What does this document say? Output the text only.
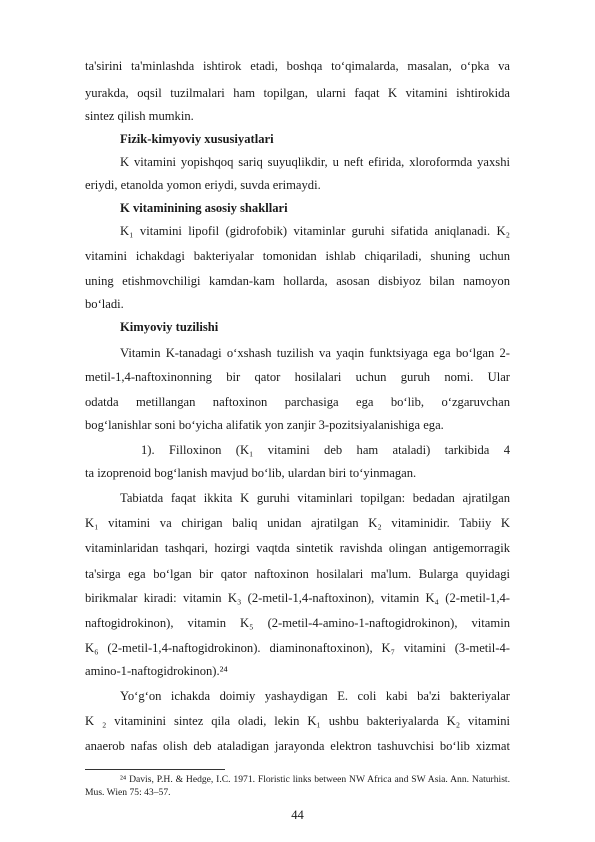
ta'sirini ta'minlashda ishtirok etadi, boshqa to‘qimalarda, masalan, o‘pka va
yurakda, oqsil tuzilmalari ham topilgan, ularni faqat K vitamini ishtirokida
sintez qilish mumkin.
Fizik-kimyoviy xususiyatlari
K vitamini yopishqoq sariq suyuqlikdir, u neft efirida, xloroformda yaxshi
eriydi, etanolda yomon eriydi, suvda erimaydi.
K vitaminining asosiy shakllari
K₁ vitamini lipofil (gidrofobik) vitaminlar guruhi sifatida aniqlanadi. K₂
vitamini ichakdagi bakteriyalar tomonidan ishlab chiqariladi, shuning uchun
uning etishmovchiligi kamdan-kam hollarda, asosan disbiyoz bilan namoyon
bo‘ladi.
Kimyoviy tuzilishi
Vitamin K-tanadagi o‘xshash tuzilish va yaqin funktsiyaga ega bo‘lgan 2-
metil-1,4-naftoxinonning bir qator hosilalari uchun guruh nomi. Ular
odatda metillangan naftoxinon parchasiga ega bo‘lib, o‘zgaruvchan
bog‘lanishlar soni bo‘yicha alifatik yon zanjir 3-pozitsiyalanishiga ega.
1). Filloxinon (K₁ vitamini deb ham ataladi) tarkibida 4
ta izoprenoid bog‘lanish mavjud bo‘lib, ulardan biri to‘yinmagan.
Tabiatda faqat ikkita K guruhi vitaminlari topilgan: bedadan ajratilgan
K₁ vitamini va chirigan baliq unidan ajratilgan K₂ vitaminidir. Tabiiy K
vitaminlaridan tashqari, hozirgi vaqtda sintetik ravishda olingan antigemorragik
ta'sirga ega bo‘lgan bir qator naftoxinon hosilalari ma'lum. Bularga quyidagi
birikmalar kiradi: vitamin K₃ (2-metil-1,4-naftoxinon), vitamin K₄ (2-metil-1,4-
naftogidrokinon), vitamin K₅ (2-metil-4-amino-1-naftogidrokinon), vitamin
K₆ (2-metil-1,4-naftogidrokinon). diaminonaftoxinon), K₇ vitamini (3-metil-4-
amino-1-naftogidrokinon).²⁴
Yo‘g‘on ichakda doimiy yashaydigan E. coli kabi ba'zi bakteriyalar
K ₂ vitaminini sintez qila oladi, lekin K₁ ushbu bakteriyalarda K₂ vitamini
anaerob nafas olish deb ataladigan jarayonda elektron tashuvchisi bo‘lib xizmat
²⁴ Davis, P.H. & Hedge, I.C. 1971. Floristic links between NW Africa and SW Asia. Ann. Naturhist.
Mus. Wien 75: 43–57.
44
